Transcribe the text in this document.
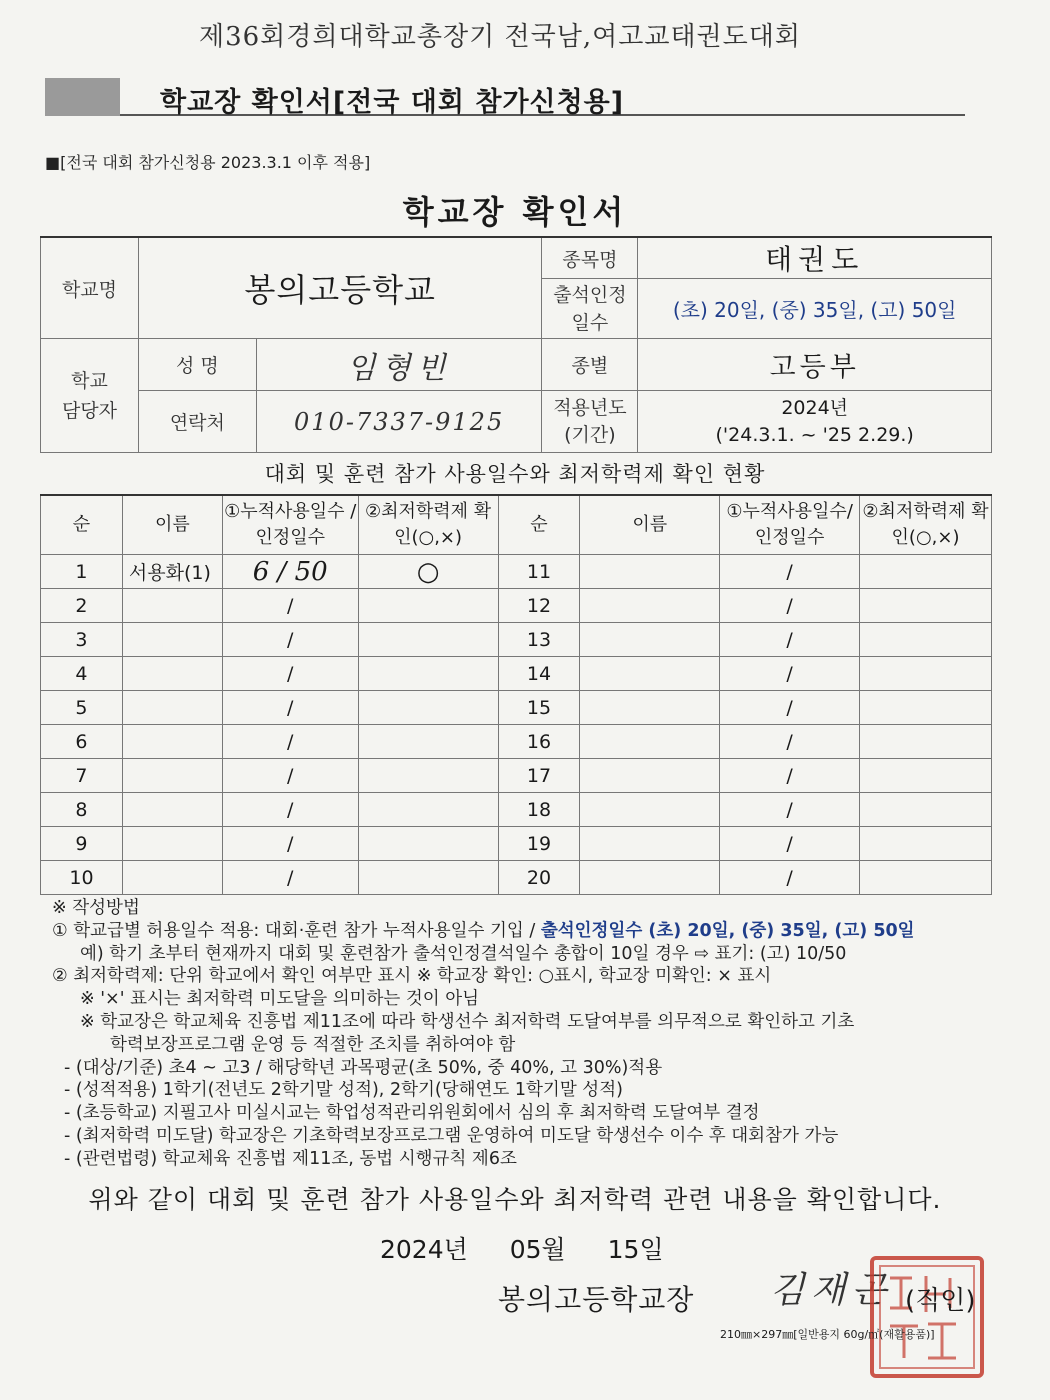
제36회경희대학교총장기 전국남,여고교태권도대회
학교장 확인서[전국 대회 참가신청용]
■[전국 대회 참가신청용 2023.3.1 이후 적용]
학교장 확인서
학교명	봉의고등학교		종목명	태권도
			출석인정 일수	(초) 20일, (중) 35일, (고) 50일
학교 담당자	성 명	임형빈	종별	고등부
	연락처	010-7337-9125	적용년도 (기간)	2024년
('24.3.1. ~ '25 2.29.)
대회 및 훈련 참가 사용일수와 최저학력제 확인 현황
순	이름	①누적사용일수 /인정일수	②최저학력제 확인(○,×)	순	이름	①누적사용일수/ 인정일수	②최저학력제 확인(○,×)
1	서용화(1)	6 / 50	○	11		/	
2		/		12		/	
3		/		13		/	
4		/		14		/	
5		/		15		/	
6		/		16		/	
7		/		17		/	
8		/		18		/	
9		/		19		/	
10		/		20		/	
※ 작성방법
① 학교급별 허용일수 적용: 대회·훈련 참가 누적사용일수 기입 / 출석인정일수 (초) 20일, (중) 35일, (고) 50일
예) 학기 초부터 현재까지 대회 및 훈련참가 출석인정결석일수 총합이 10일 경우 ⇨ 표기: (고) 10/50
② 최저학력제: 단위 학교에서 확인 여부만 표시 ※ 학교장 확인: ○표시, 학교장 미확인: × 표시
※ '×' 표시는 최저학력 미도달을 의미하는 것이 아님
※ 학교장은 학교체육 진흥법 제11조에 따라 학생선수 최저학력 도달여부를 의무적으로 확인하고 기초
학력보장프로그램 운영 등 적절한 조치를 취하여야 함
- (대상/기준) 초4 ~ 고3 / 해당학년 과목평균(초 50%, 중 40%, 고 30%)적용
- (성적적용) 1학기(전년도 2학기말 성적), 2학기(당해연도 1학기말 성적)
- (초등학교) 지필고사 미실시교는 학업성적관리위원회에서 심의 후 최저학력 도달여부 결정
- (최저학력 미도달) 학교장은 기초학력보장프로그램 운영하여 미도달 학생선수 이수 후 대회참가 가능
- (관련법령) 학교체육 진흥법 제11조, 동법 시행규칙 제6조
위와 같이 대회 및 훈련 참가 사용일수와 최저학력 관련 내용을 확인합니다.
2024년 05월 15일
봉의고등학교장 김재곤 (직인)
210㎜×297㎜[일반용지 60g/㎡(재활용품)]
